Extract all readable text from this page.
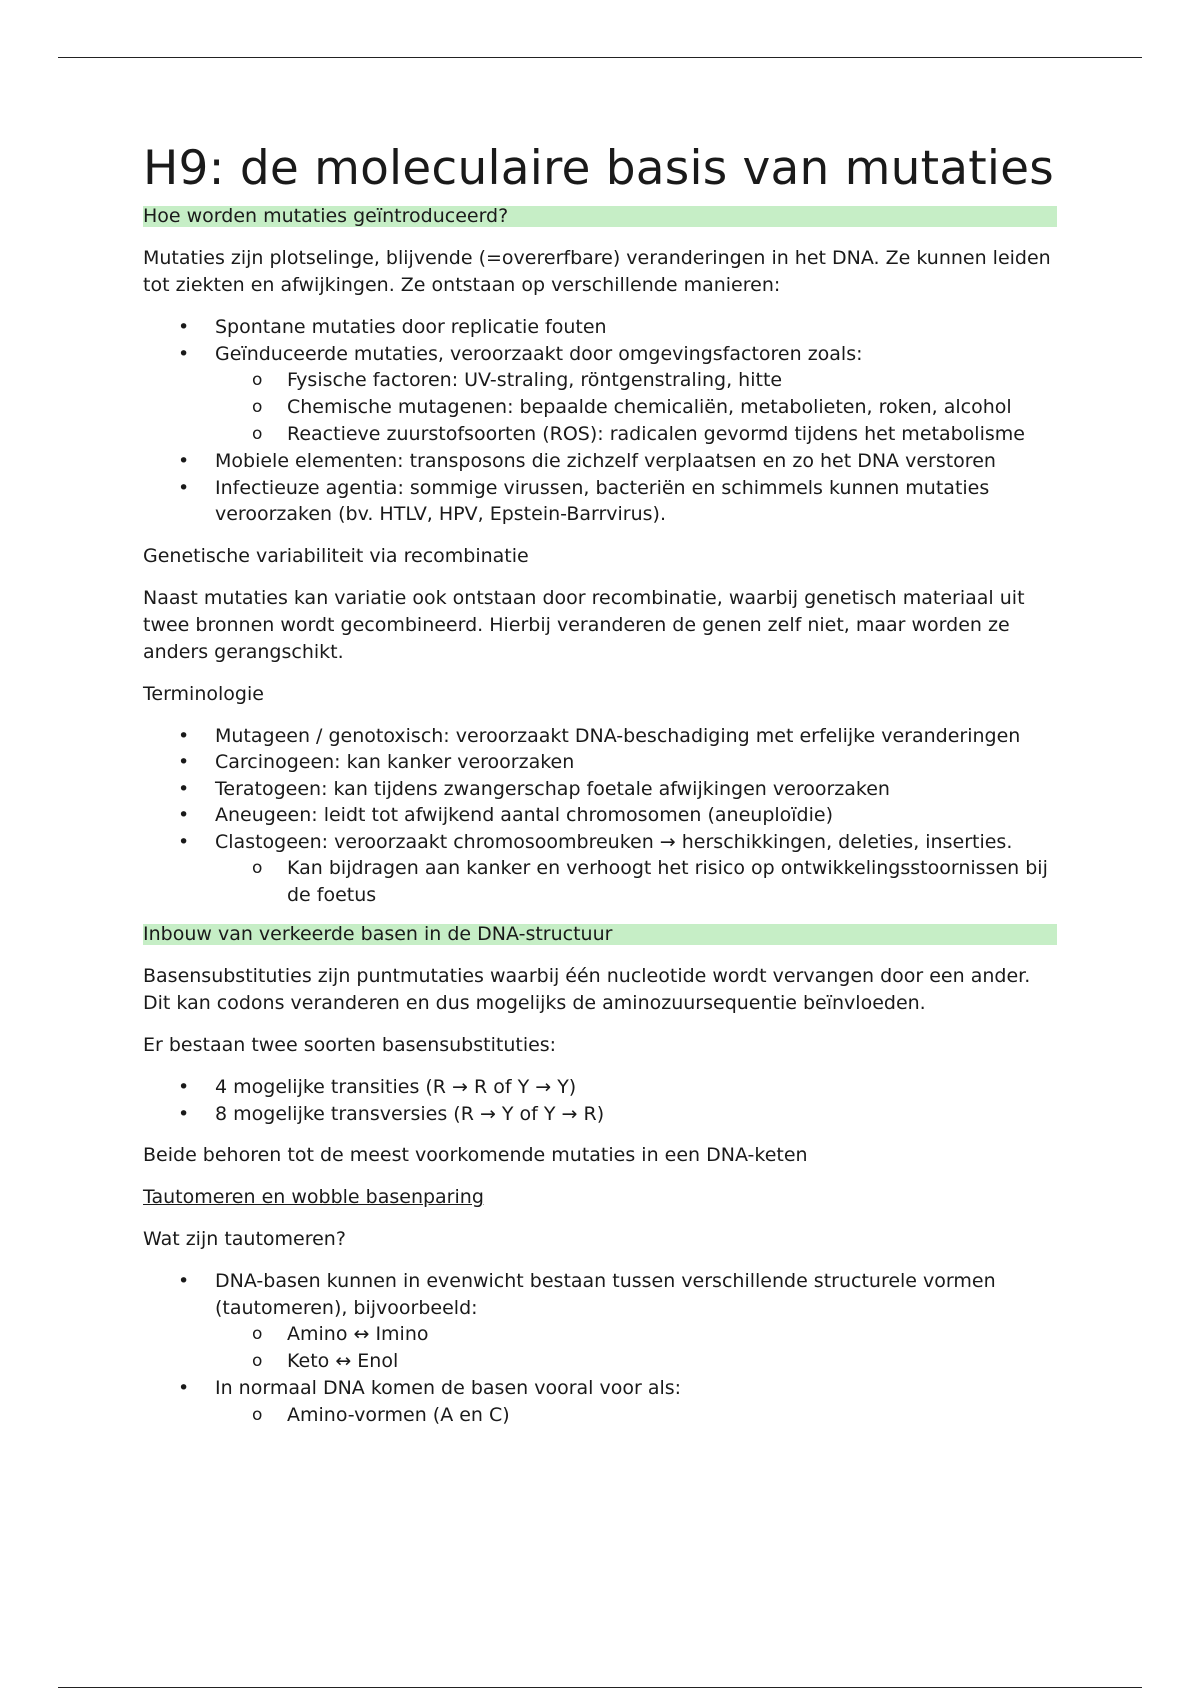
H9: de moleculaire basis van mutaties
Hoe worden mutaties geïntroduceerd?

Mutaties zijn plotselinge, blijvende (=overerfbare) veranderingen in het DNA. Ze kunnen leiden tot ziekten en afwijkingen. Ze ontstaan op verschillende manieren:

• Spontane mutaties door replicatie fouten
• Geïnduceerde mutaties, veroorzaakt door omgevingsfactoren zoals:
o Fysische factoren: UV-straling, röntgenstraling, hitte
o Chemische mutagenen: bepaalde chemicaliën, metabolieten, roken, alcohol
o Reactieve zuurstofsoorten (ROS): radicalen gevormd tijdens het metabolisme
• Mobiele elementen: transposons die zichzelf verplaatsen en zo het DNA verstoren
• Infectieuze agentia: sommige virussen, bacteriën en schimmels kunnen mutaties veroorzaken (bv. HTLV, HPV, Epstein-Barrvirus).
Genetische variabiliteit via recombinatie

Naast mutaties kan variatie ook ontstaan door recombinatie, waarbij genetisch materiaal uit twee bronnen wordt gecombineerd. Hierbij veranderen de genen zelf niet, maar worden ze anders gerangschikt.

Terminologie
• Mutageen / genotoxisch: veroorzaakt DNA-beschadiging met erfelijke veranderingen
• Carcinogeen: kan kanker veroorzaken
• Teratogeen: kan tijdens zwangerschap foetale afwijkingen veroorzaken
• Aneugeen: leidt tot afwijkend aantal chromosomen (aneuploïdie)
• Clastogeen: veroorzaakt chromosoombreuken → herschikkingen, deleties, inserties.
o Kan bijdragen aan kanker en verhoogt het risico op ontwikkelingsstoornissen bij de foetus
Inbouw van verkeerde basen in de DNA-structuur

Basensubstituties zijn puntmutaties waarbij één nucleotide wordt vervangen door een ander. Dit kan codons veranderen en dus mogelijks de aminozuursequentie beïnvloeden.

Er bestaan twee soorten basensubstituties:

• 4 mogelijke transities (R → R of Y → Y)
• 8 mogelijke transversies (R → Y of Y → R)

Beide behoren tot de meest voorkomende mutaties in een DNA-keten

Tautomeren en wobble basenparing

Wat zijn tautomeren?

• DNA-basen kunnen in evenwicht bestaan tussen verschillende structurele vormen (tautomeren), bijvoorbeeld:
o Amino ↔ Imino
o Keto ↔ Enol
• In normaal DNA komen de basen vooral voor als:
o Amino-vormen (A en C)
